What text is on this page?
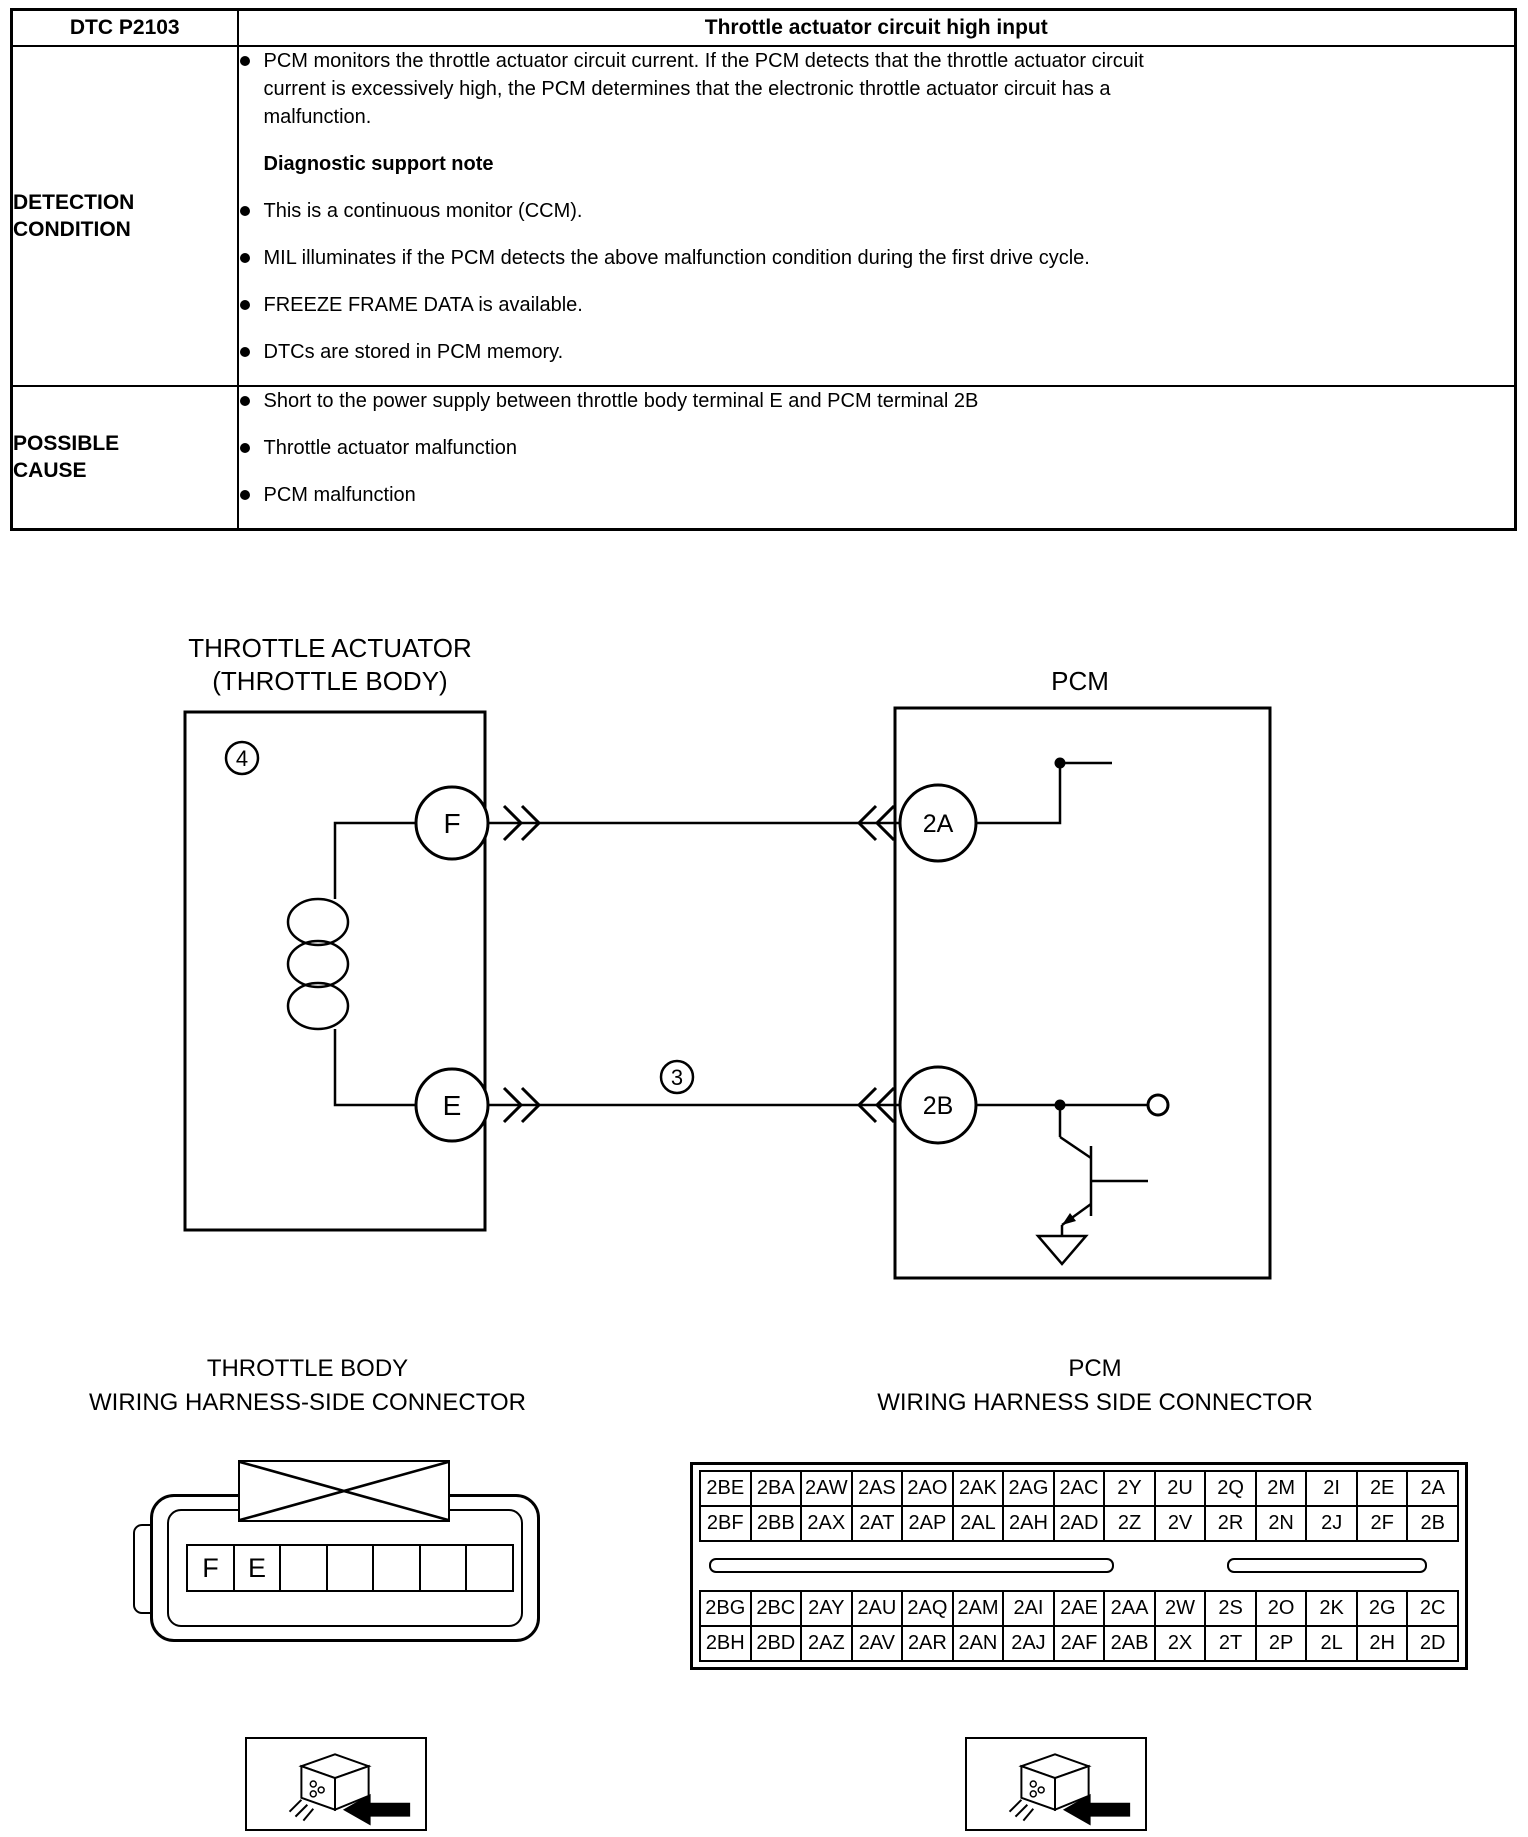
DTC P2103	Throttle actuator circuit high input

DETECTION CONDITION

PCM monitors the throttle actuator circuit current. If the PCM detects that the throttle actuator circuit current is excessively high, the PCM determines that the electronic throttle actuator circuit has a malfunction.
Diagnostic support note
This is a continuous monitor (CCM).
MIL illuminates if the PCM detects the above malfunction condition during the first drive cycle.
FREEZE FRAME DATA is available.
DTCs are stored in PCM memory.

POSSIBLE CAUSE

Short to the power supply between throttle body terminal E and PCM terminal 2B
Throttle actuator malfunction
PCM malfunction
THROTTLE ACTUATOR
(THROTTLE BODY)	PCM
4
3
F
E
2A
2B
THROTTLE BODY
WIRING HARNESS-SIDE CONNECTOR
PCM
WIRING HARNESS SIDE CONNECTOR
F	E
2BE	2BA	2AW	2AS	2AO	2AK	2AG	2AC	2Y	2U	2Q	2M	2I	2E	2A
2BF	2BB	2AX	2AT	2AP	2AL	2AH	2AD	2Z	2V	2R	2N	2J	2F	2B
2BG	2BC	2AY	2AU	2AQ	2AM	2AI	2AE	2AA	2W	2S	2O	2K	2G	2C
2BH	2BD	2AZ	2AV	2AR	2AN	2AJ	2AF	2AB	2X	2T	2P	2L	2H	2D
